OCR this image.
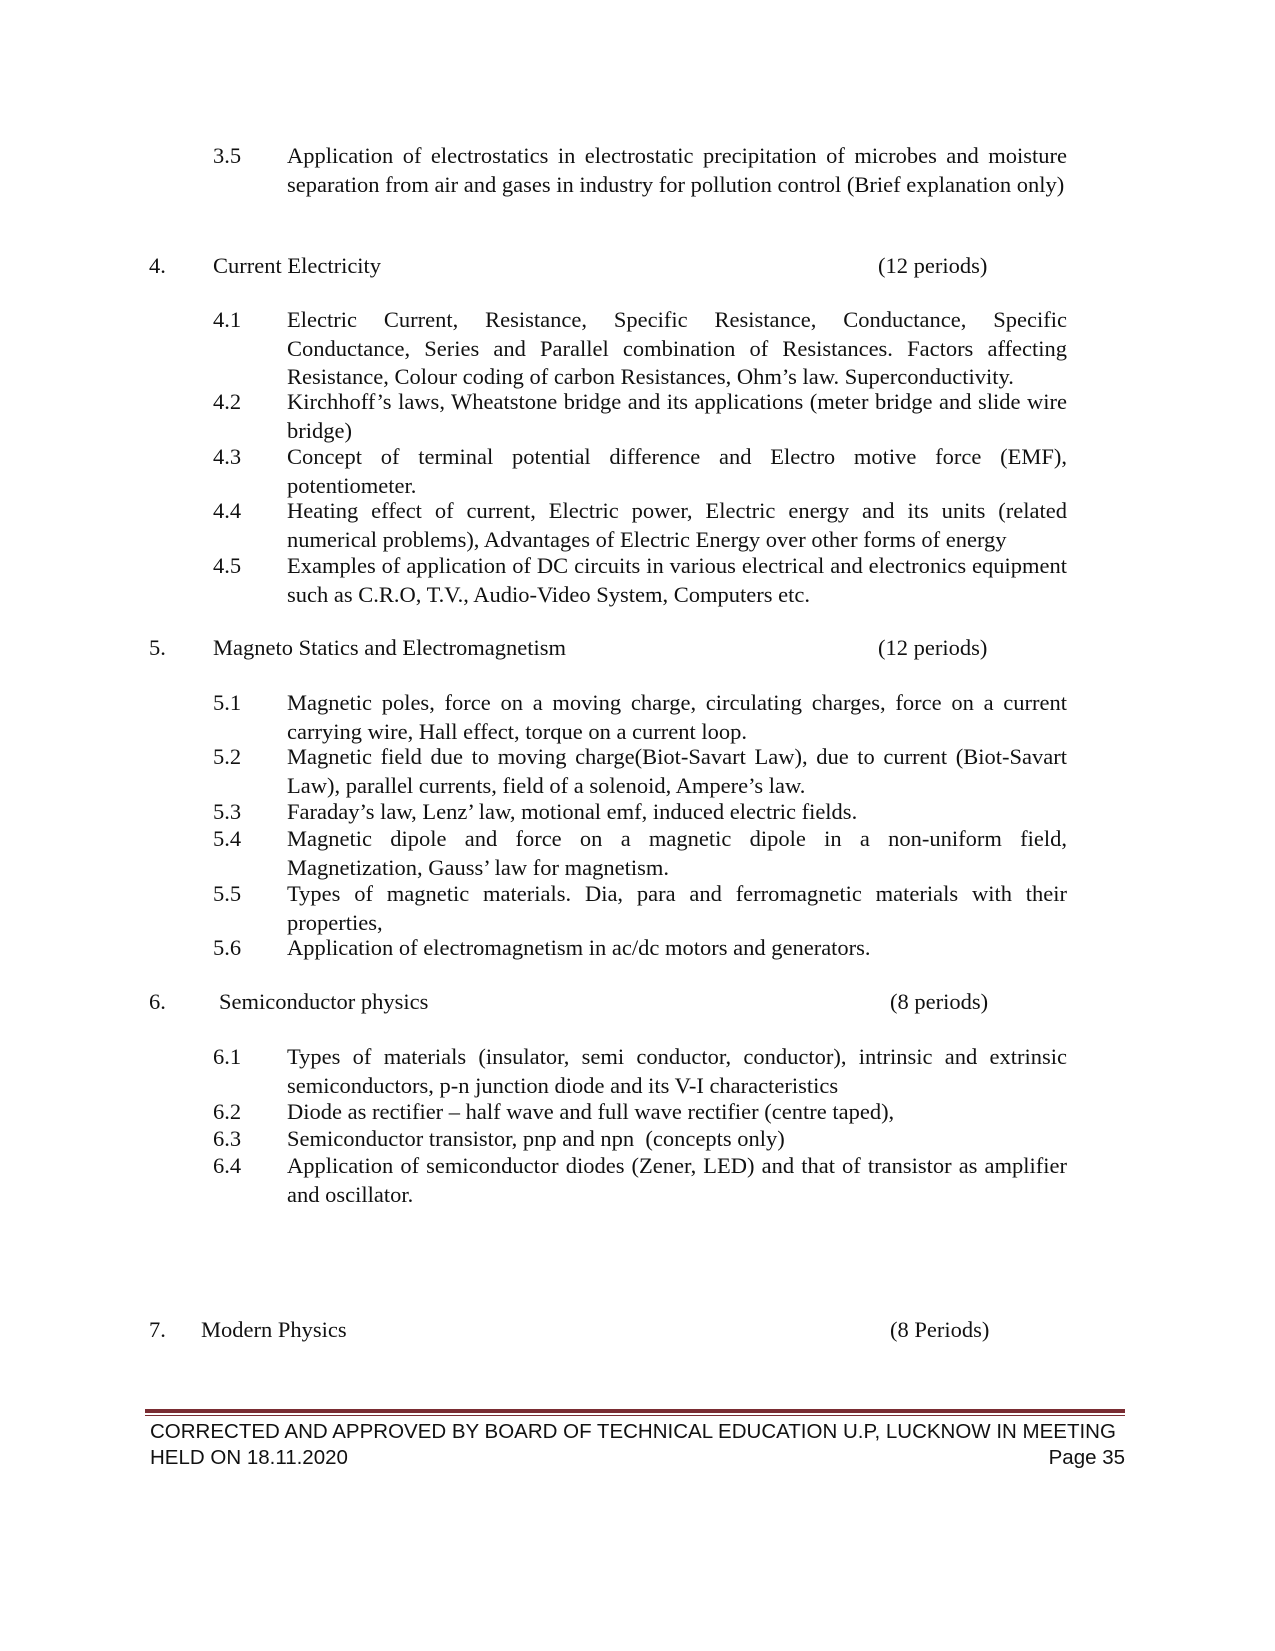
3.5 Application of electrostatics in electrostatic precipitation of microbes and moisture separation from air and gases in industry for pollution control (Brief explanation only)
4. Current Electricity	(12 periods)
4.1 Electric Current, Resistance, Specific Resistance, Conductance, Specific Conductance, Series and Parallel combination of Resistances. Factors affecting Resistance, Colour coding of carbon Resistances, Ohm’s law. Superconductivity.
4.2 Kirchhoff’s laws, Wheatstone bridge and its applications (meter bridge and slide wire bridge)
4.3 Concept of terminal potential difference and Electro motive force (EMF), potentiometer.
4.4 Heating effect of current, Electric power, Electric energy and its units (related numerical problems), Advantages of Electric Energy over other forms of energy
4.5 Examples of application of DC circuits in various electrical and electronics equipment such as C.R.O, T.V., Audio-Video System, Computers etc.
5. Magneto Statics and Electromagnetism	(12 periods)
5.1 Magnetic poles, force on a moving charge, circulating charges, force on a current carrying wire, Hall effect, torque on a current loop.
5.2 Magnetic field due to moving charge(Biot-Savart Law), due to current (Biot-Savart Law), parallel currents, field of a solenoid, Ampere’s law.
5.3 Faraday’s law, Lenz’ law, motional emf, induced electric fields.
5.4 Magnetic dipole and force on a magnetic dipole in a non-uniform field, Magnetization, Gauss’ law for magnetism.
5.5 Types of magnetic materials. Dia, para and ferromagnetic materials with their properties,
5.6 Application of electromagnetism in ac/dc motors and generators.
6. Semiconductor physics	(8 periods)
6.1 Types of materials (insulator, semi conductor, conductor), intrinsic and extrinsic semiconductors, p-n junction diode and its V-I characteristics
6.2 Diode as rectifier – half wave and full wave rectifier (centre taped),
6.3 Semiconductor transistor, pnp and npn  (concepts only)
6.4 Application of semiconductor diodes (Zener, LED) and that of transistor as amplifier and oscillator.
7. Modern Physics	(8 Periods)
CORRECTED AND APPROVED BY BOARD OF TECHNICAL EDUCATION U.P, LUCKNOW IN MEETING
HELD ON 18.11.2020	Page 35
